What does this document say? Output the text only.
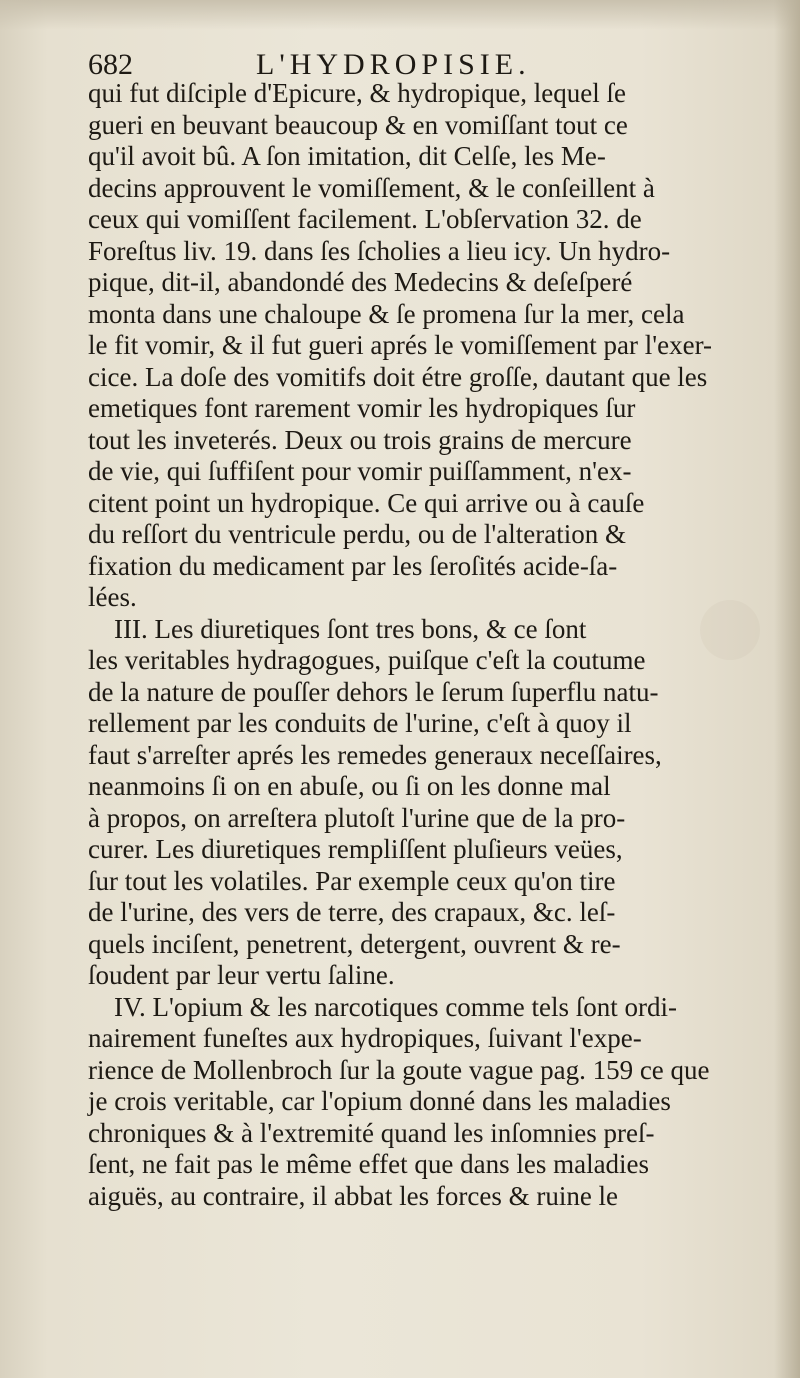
682	L'HYDROPISIE.
qui fut diſciple d'Epicure, & hydropique, lequel ſe
gueri en beuvant beaucoup & en vomiſſant tout ce
qu'il avoit bû. A ſon imitation, dit Celſe, les Me-
decins approuvent le vomiſſement, & le conſeillent à
ceux qui vomiſſent facilement. L'obſervation 32. de
Foreſtus liv. 19. dans ſes ſcholies a lieu icy. Un hydro-
pique, dit-il, abandondé des Medecins & deſeſperé
monta dans une chaloupe & ſe promena ſur la mer, cela
le fit vomir, & il fut gueri aprés le vomiſſement par l'exer-
cice. La doſe des vomitifs doit étre groſſe, dautant que les
emetiques font rarement vomir les hydropiques ſur
tout les inveterés. Deux ou trois grains de mercure
de vie, qui ſuffiſent pour vomir puiſſamment, n'ex-
citent point un hydropique. Ce qui arrive ou à cauſe
du reſſort du ventricule perdu, ou de l'alteration &
fixation du medicament par les ſeroſités acide-ſa-
lées.
III. Les diuretiques ſont tres bons, & ce ſont
les veritables hydragogues, puiſque c'eſt la coutume
de la nature de pouſſer dehors le ſerum ſuperflu natu-
rellement par les conduits de l'urine, c'eſt à quoy il
faut s'arreſter aprés les remedes generaux neceſſaires,
neanmoins ſi on en abuſe, ou ſi on les donne mal
à propos, on arreſtera plutoſt l'urine que de la pro-
curer. Les diuretiques rempliſſent pluſieurs veües,
ſur tout les volatiles. Par exemple ceux qu'on tire
de l'urine, des vers de terre, des crapaux, &c. leſ-
quels inciſent, penetrent, detergent, ouvrent & re-
ſoudent par leur vertu ſaline.
IV. L'opium & les narcotiques comme tels ſont ordi-
nairement funeſtes aux hydropiques, ſuivant l'expe-
rience de Mollenbroch ſur la goute vague pag. 159 ce que
je crois veritable, car l'opium donné dans les maladies
chroniques & à l'extremité quand les inſomnies preſ-
ſent, ne fait pas le même effet que dans les maladies
aiguës, au contraire, il abbat les forces & ruine le
